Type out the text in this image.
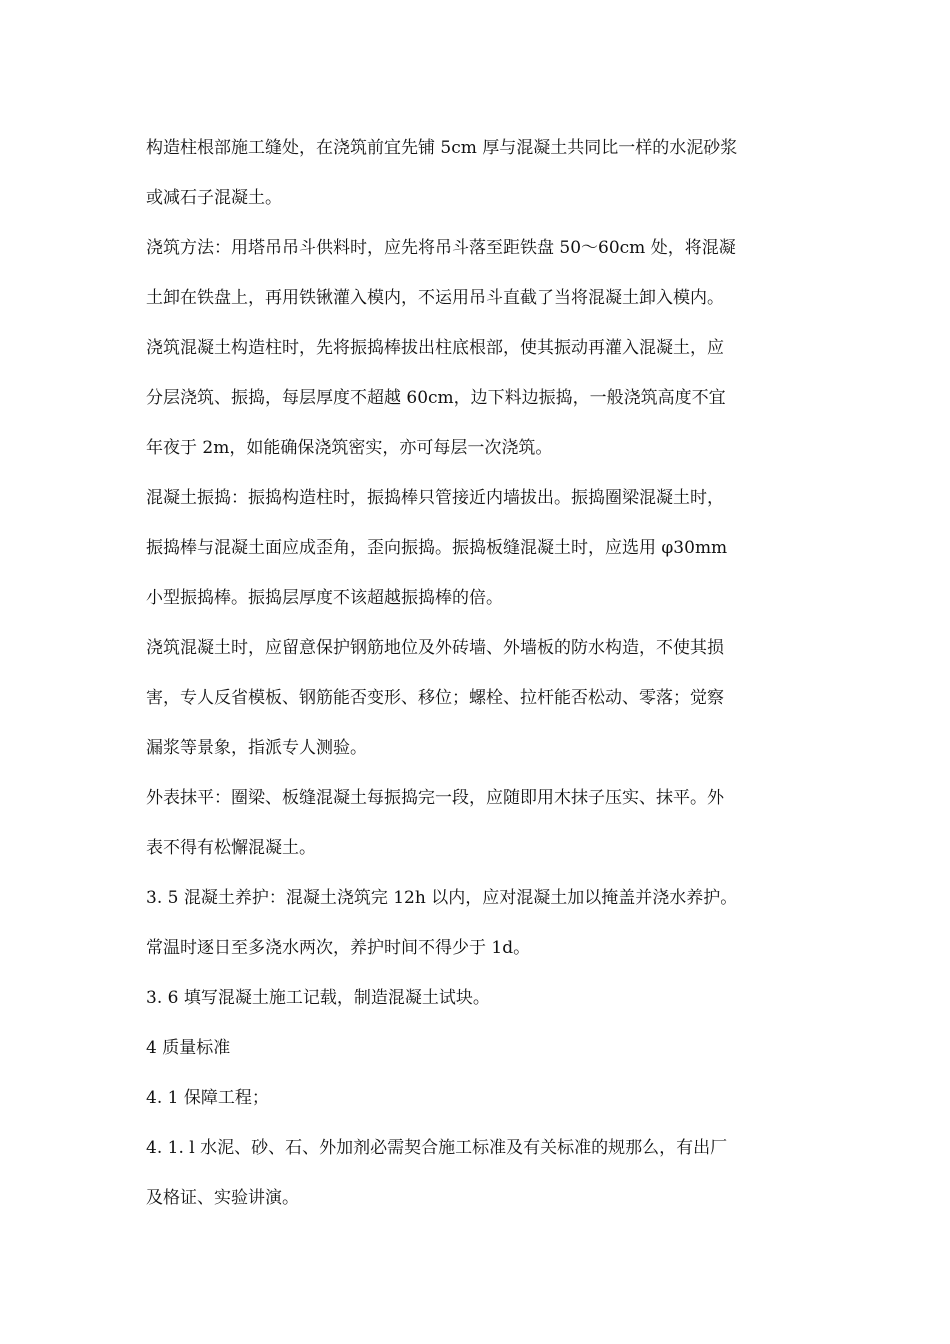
构造柱根部施工缝处，在浇筑前宜先铺 5cm 厚与混凝土共同比一样的水泥砂浆
或减石子混凝土。
浇筑方法：用塔吊吊斗供料时，应先将吊斗落至距铁盘 50～60cm 处，将混凝
土卸在铁盘上，再用铁锹灌入模内，不运用吊斗直截了当将混凝土卸入模内。
浇筑混凝土构造柱时，先将振捣棒拔出柱底根部，使其振动再灌入混凝土，应
分层浇筑、振捣，每层厚度不超越 60cm，边下料边振捣，一般浇筑高度不宜
年夜于 2m，如能确保浇筑密实，亦可每层一次浇筑。
混凝土振捣：振捣构造柱时，振捣棒只管接近内墙拔出。振捣圈梁混凝土时，
振捣棒与混凝土面应成歪角，歪向振捣。振捣板缝混凝土时，应选用 φ30mm
小型振捣棒。振捣层厚度不该超越振捣棒的倍。
浇筑混凝土时，应留意保护钢筋地位及外砖墙、外墙板的防水构造，不使其损
害，专人反省模板、钢筋能否变形、移位；螺栓、拉杆能否松动、零落；觉察
漏浆等景象，指派专人测验。
外表抹平：圈梁、板缝混凝土每振捣完一段，应随即用木抹子压实、抹平。外
表不得有松懈混凝土。
3. 5 混凝土养护：混凝土浇筑完 12h 以内，应对混凝土加以掩盖并浇水养护。
常温时逐日至多浇水两次，养护时间不得少于 1d。
3. 6 填写混凝土施工记载，制造混凝土试块。
4 质量标准
4. 1 保障工程；
4. 1. l 水泥、砂、石、外加剂必需契合施工标准及有关标准的规那么，有出厂
及格证、实验讲演。
